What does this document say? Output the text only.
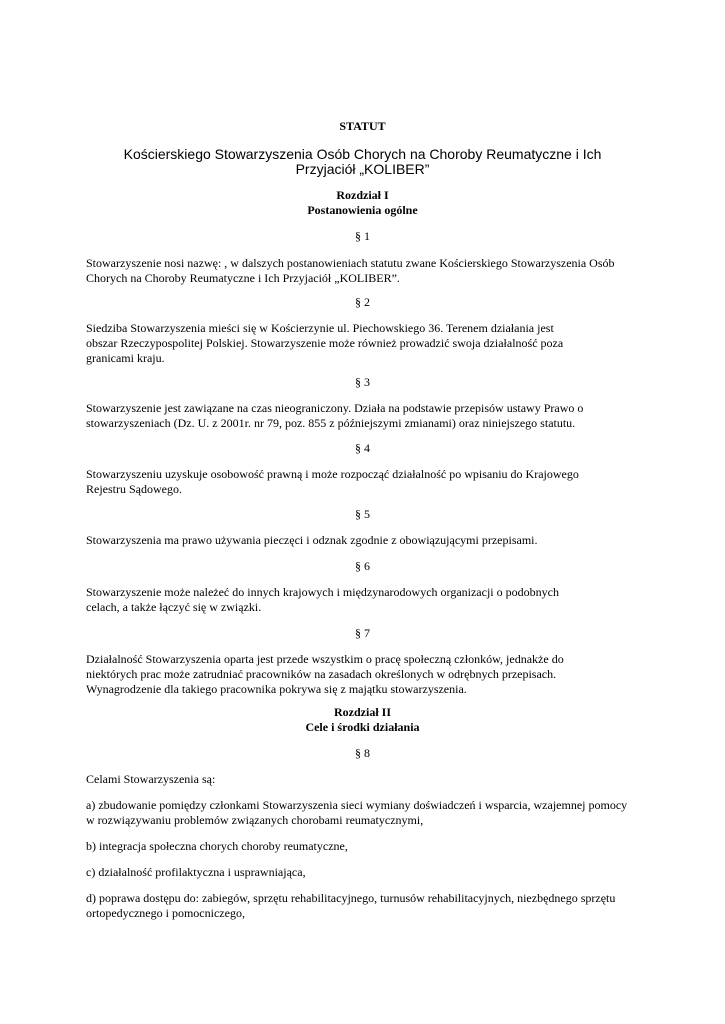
STATUT
Kościerskiego Stowarzyszenia Osób Chorych na Choroby Reumatyczne i Ich
Przyjaciół „KOLIBER”
Rozdział I
Postanowienia ogólne
§ 1
Stowarzyszenie nosi nazwę: , w dalszych postanowieniach statutu zwane Kościerskiego Stowarzyszenia Osób
Chorych na Choroby Reumatyczne i Ich Przyjaciół „KOLIBER”.
§ 2
Siedziba Stowarzyszenia mieści się w Kościerzynie ul. Piechowskiego 36. Terenem działania jest
obszar Rzeczypospolitej Polskiej. Stowarzyszenie może również prowadzić swoja działalność poza
granicami kraju.
§ 3
Stowarzyszenie jest zawiązane na czas nieograniczony. Działa na podstawie przepisów ustawy Prawo o
stowarzyszeniach (Dz. U. z 2001r. nr 79, poz. 855 z późniejszymi zmianami) oraz niniejszego statutu.
§ 4
Stowarzyszeniu uzyskuje osobowość prawną i może rozpocząć działalność po wpisaniu do Krajowego
Rejestru Sądowego.
§ 5
Stowarzyszenia ma prawo używania pieczęci i odznak zgodnie z obowiązującymi przepisami.
§ 6
Stowarzyszenie może należeć do innych krajowych i międzynarodowych organizacji o podobnych
celach, a także łączyć się w związki.
§ 7
Działalność Stowarzyszenia oparta jest przede wszystkim o pracę społeczną członków, jednakże do
niektórych prac może zatrudniać pracowników na zasadach określonych w odrębnych przepisach.
Wynagrodzenie dla takiego pracownika pokrywa się z majątku stowarzyszenia.
Rozdział II
Cele i środki działania
§ 8
Celami Stowarzyszenia są:
a) zbudowanie pomiędzy członkami Stowarzyszenia sieci wymiany doświadczeń i wsparcia, wzajemnej pomocy
w rozwiązywaniu problemów związanych chorobami reumatycznymi,
b) integracja społeczna chorych choroby reumatyczne,
c) działalność profilaktyczna i usprawniająca,
d) poprawa dostępu do: zabiegów, sprzętu rehabilitacyjnego, turnusów rehabilitacyjnych, niezbędnego sprzętu
ortopedycznego i pomocniczego,
